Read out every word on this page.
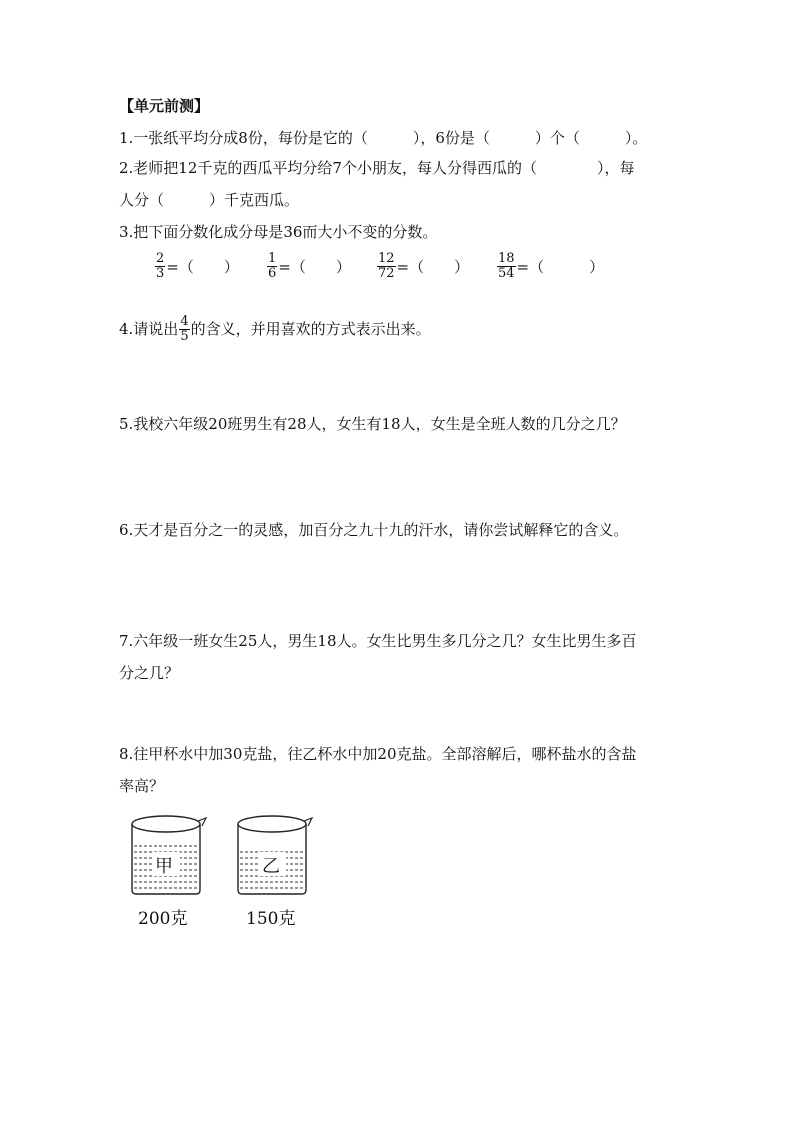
【单元前测】
1.一张纸平均分成8份，每份是它的（　　　），6份是（　　　）个（　　　）。
2.老师把12千克的西瓜平均分给7个小朋友，每人分得西瓜的（　　　　），每
人分（　　　）千克西瓜。
3.把下面分数化成分母是36而大小不变的分数。
$\frac{2}{3}$ =（　　） $\frac{1}{6}$ =（　　） $\frac{12}{72}$ =（　　） $\frac{18}{54}$ =（　　　）
4.请说出 $\frac{4}{5}$ 的含义，并用喜欢的方式表示出来。
5.我校六年级20班男生有28人，女生有18人，女生是全班人数的几分之几？
6.天才是百分之一的灵感，加百分之九十九的汗水，请你尝试解释它的含义。
7.六年级一班女生25人，男生18人。女生比男生多几分之几？女生比男生多百
分之几？
8.往甲杯水中加30克盐，往乙杯水中加20克盐。全部溶解后，哪杯盐水的含盐
率高？
甲
200克
乙
150克
